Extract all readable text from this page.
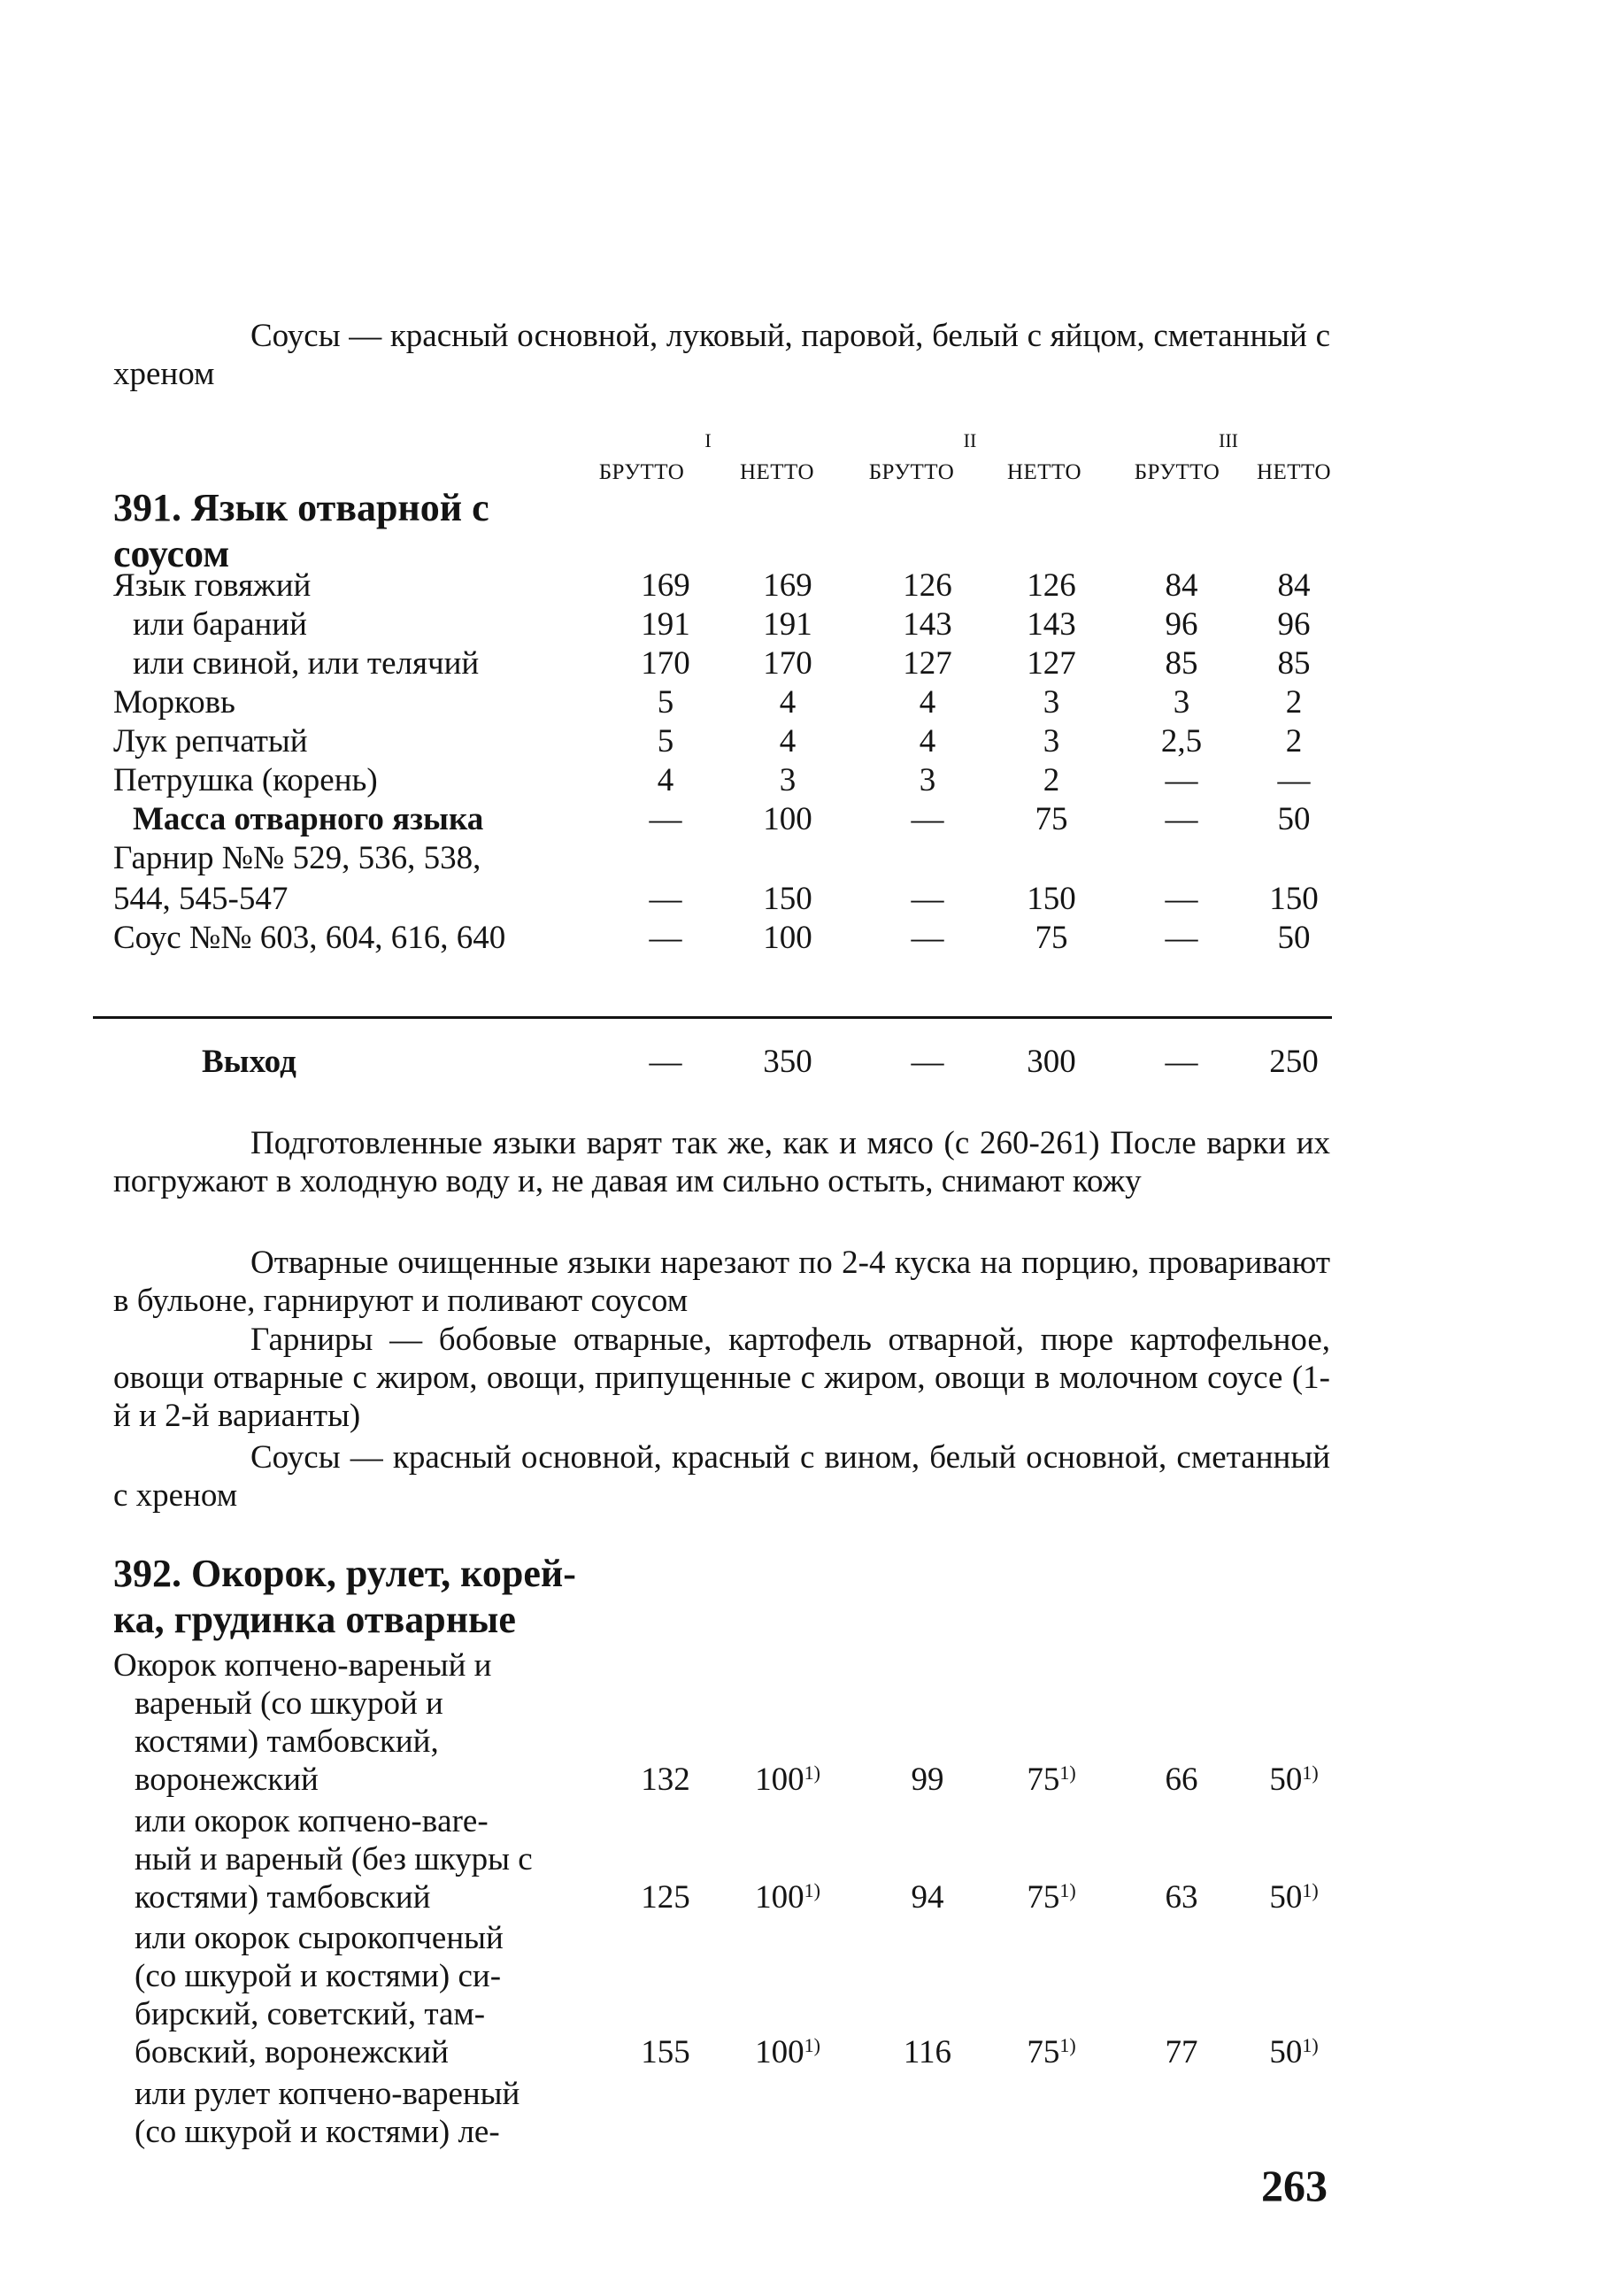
Соусы — красный основной, луковый, паровой, белый с яйцом, сметанный с хреном

I	II	III
БРУТТО	НЕТТО БРУТТО НЕТТО БРУТТО НЕТТО
391. Язык отварной с соусом
Язык говяжий	169	169	126	126	84	84
или бараний	191	191	143	143	96	96
или свиной, или телячий	170	170	127	127	85	85
Морковь	5	4	4	3	3	2
Лук репчатый	5	4	4	3	2,5	2
Петрушка (корень)	4	3	3	2	—	—
Масса отварного языка	—	100	—	75	—	50
Гарнир №№ 529, 536, 538,
544, 545-547	—	150	—	150	—	150
Соус №№ 603, 604, 616, 640	—	100	—	75	—	50
Выход	—	350	—	300	—	250

Подготовленные языки варят так же, как и мясо (с 260-261) После варки их погружают в холодную воду и, не давая им сильно остыть, снимают кожу

Отварные очищенные языки нарезают по 2-4 куска на порцию, проваривают в бульоне, гарнируют и поливают соусом

Гарниры — бобовые отварные, картофель отварной, пюре картофельное, овощи отварные с жиром, овощи, припущенные с жиром, овощи в молочном соусе (1-й и 2-й варианты)

Соусы — красный основной, красный с вином, белый основной, сметанный с хреном

392. Окорок, рулет, корей-
ка, грудинка отварные
Окорок копчено-вареный и
вареный (со шкурой и
костями) тамбовский,
воронежский	132	100$^{1)}$	99	75$^{1)}$	66	50$^{1)}$
или окорок копчено-вare-
ный и вареный (без шкуры с
костями) тамбовский	125	100$^{1)}$	94	75$^{1)}$	63	50$^{1)}$
или окорок сырокопченый
(со шкурой и костями) си-
бирский, советский, там-
бовский, воронежский	155	100$^{1)}$	116	75$^{1)}$	77	50$^{1)}$
или рулет копчено-вареный
(со шкурой и костями) ле-
263
